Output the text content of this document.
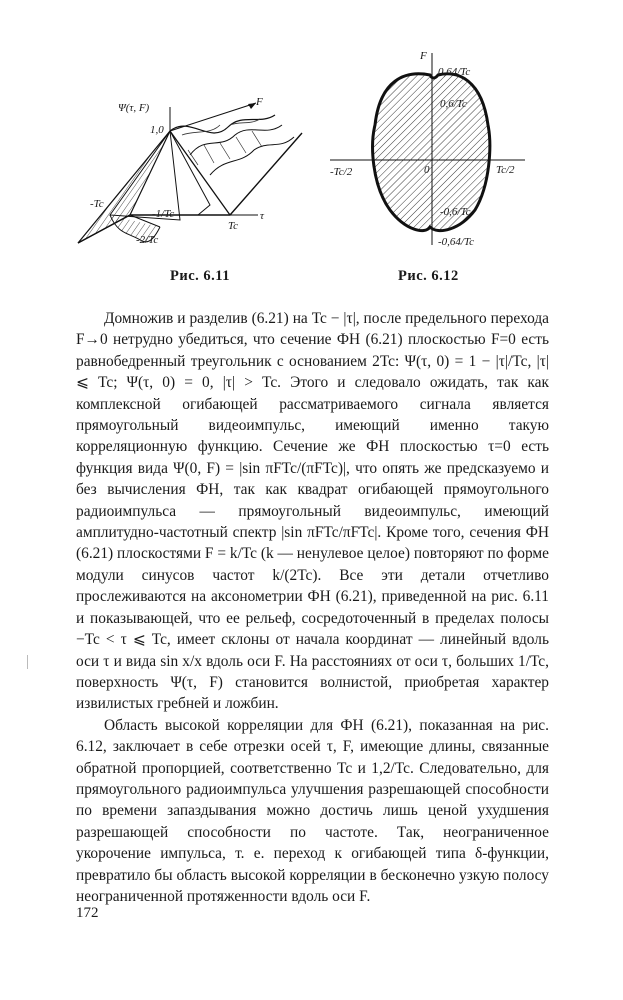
Ψ(τ, F)
1,0
F
τ
Tc
-Tc
-1/Tc
-2/Tc
Рис. 6.11
F
0,64/Tc
0,6/Tc
-Tc/2	0	Tc/2
-0,6/Tc
-0,64/Tc
Рис. 6.12

Домножив и разделив (6.21) на Tc − |τ|, после предельного перехода F→0 нетрудно убедиться, что сечение ФН (6.21) плоскостью F=0 есть равнобедренный треугольник с основанием 2Tc: Ψ(τ, 0) = 1 − |τ|/Tc, |τ| ⩽ Tc; Ψ(τ, 0) = 0, |τ| > Tc. Этого и следовало ожидать, так как комплексной огибающей рассматриваемого сигнала является прямоугольный видеоимпульс, имеющий именно такую корреляционную функцию. Сечение же ФН плоскостью τ=0 есть функция вида Ψ(0, F) = |sin πFTc/(πFTc)|, что опять же предсказуемо и без вычисления ФН, так как квадрат огибающей прямоугольного радиоимпульса — прямоугольный видеоимпульс, имеющий амплитудно-частотный спектр |sin πFTc/πFTc|. Кроме того, сечения ФН (6.21) плоскостями F = k/Tc (k — ненулевое целое) повторяют по форме модули синусов частот k/(2Tc). Все эти детали отчетливо прослеживаются на аксонометрии ФН (6.21), приведенной на рис. 6.11 и показывающей, что ее рельеф, сосредоточенный в пределах полосы −Tc < τ ⩽ Tc, имеет склоны от начала координат — линейный вдоль оси τ и вида sin x/x вдоль оси F. На расстояниях от оси τ, больших 1/Tc, поверхность Ψ(τ, F) становится волнистой, приобретая характер извилистых гребней и ложбин.

Область высокой корреляции для ФН (6.21), показанная на рис. 6.12, заключает в себе отрезки осей τ, F, имеющие длины, связанные обратной пропорцией, соответственно Tc и 1,2/Tc. Следовательно, для прямоугольного радиоимпульса улучшения разрешающей способности по времени запаздывания можно достичь лишь ценой ухудшения разрешающей способности по частоте. Так, неограниченное укорочение импульса, т. е. переход к огибающей типа δ-функции, превратило бы область высокой корреляции в бесконечно узкую полосу неограниченной протяженности вдоль оси F.

172
